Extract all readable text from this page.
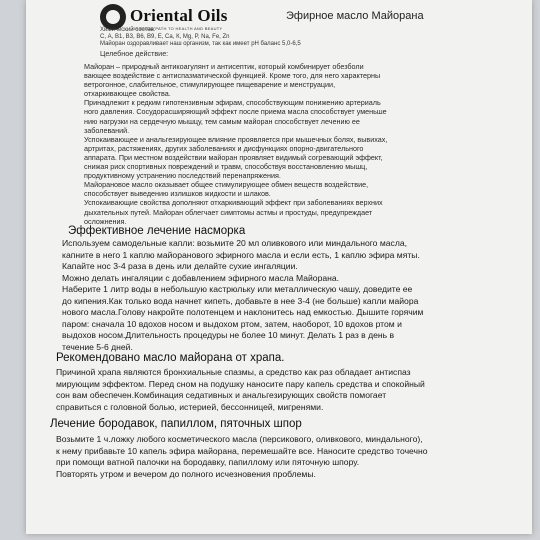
Oriental Oils
ORIENTAL PATH TO HEALTH AND BEAUTY
Эфирное масло Майорана
Химический состав:
С, А, В1, В3, В6, В9, Е, Са, К, Mg, P, Na, Fe, Zn
Майоран оздоравливает наш организм, так как имеет pH баланс 5,0-6,5
Целебное действие:

Майоран – природный антикоагулянт и антисептик, который комбинирует обезболи

вающее воздействие с антиспазматической функцией. Кроме того, для него характерны

ветрогонное, слабительное, стимулирующее пищеварение и менструации,

отхаркивающее свойства.

Принадлежит к редким гипотензивным эфирам, способствующим понижению артериаль

ного давления. Сосудорасширяющий эффект после приема масла способствует уменьше

нию нагрузки на сердечную мышцу, тем самым майоран способствует лечению ее

заболеваний.

Успокаивающее и анальгезирующее влияние проявляется при мышечных болях, вывихах,

артритах, растяжениях, других заболеваниях и дисфункциях опорно-двигательного

аппарата. При местном воздействии майоран проявляет видимый согревающий эффект,

снижая риск спортивных повреждений и травм, способствуя восстановлению мышц,

продуктивному устранению последствий перенапряжения.

Майорановое масло оказывает общее стимулирующее обмен веществ воздействие,

способствует выведению излишков жидкости и шлаков.

Успокаивающие свойства дополняют отхаркивающий эффект при заболеваниях верхних

дыхательных путей. Майоран облегчает симптомы астмы и простуды, предупреждает

осложнения.

Эффективное лечение насморка

Используем самодельные капли: возьмите 20 мл оливкового или миндального масла,

капните в него 1 каплю майоранового эфирного масла и если есть, 1 каплю эфира мяты.

Капайте нос 3-4 раза в день или делайте сухие ингаляции.

Можно делать ингаляции с добавлением эфирного масла Майорана.

Наберите 1 литр воды в небольшую кастрюльку или металлическую чашу, доведите ее

до кипения.Как только вода начнет кипеть, добавьте в нее 3-4 (не больше) капли майора

нового масла.Голову накройте полотенцем и наклонитесь над емкостью. Дышите горячим

паром: сначала 10 вдохов носом и выдохом ртом, затем, наоборот, 10 вдохов ртом и

выдохов носом.Длительность процедуры не более 10 минут. Делать 1 раз в день в

течение 5-6 дней.

Рекомендовано масло майорана от храпа.

Причиной храпа являются бронхиальные спазмы, а средство как раз обладает антиспаз

мирующим эффектом. Перед сном на подушку наносите пару капель средства и спокойный

сон вам обеспечен.Комбинация седативных и анальгезирующих свойств помогает

справиться с головной болью, истерией, бессонницей, мигренями.

Лечение бородавок, папиллом, пяточных шпор

Возьмите 1 ч.ложку любого косметического масла (персикового, оливкового, миндального),

к нему прибавьте 10 капель эфира майорана, перемешайте все. Наносите средство точечно

при помощи ватной палочки на бородавку, папиллому или пяточную шпору.

Повторять утром и вечером до полного исчезновения проблемы.
